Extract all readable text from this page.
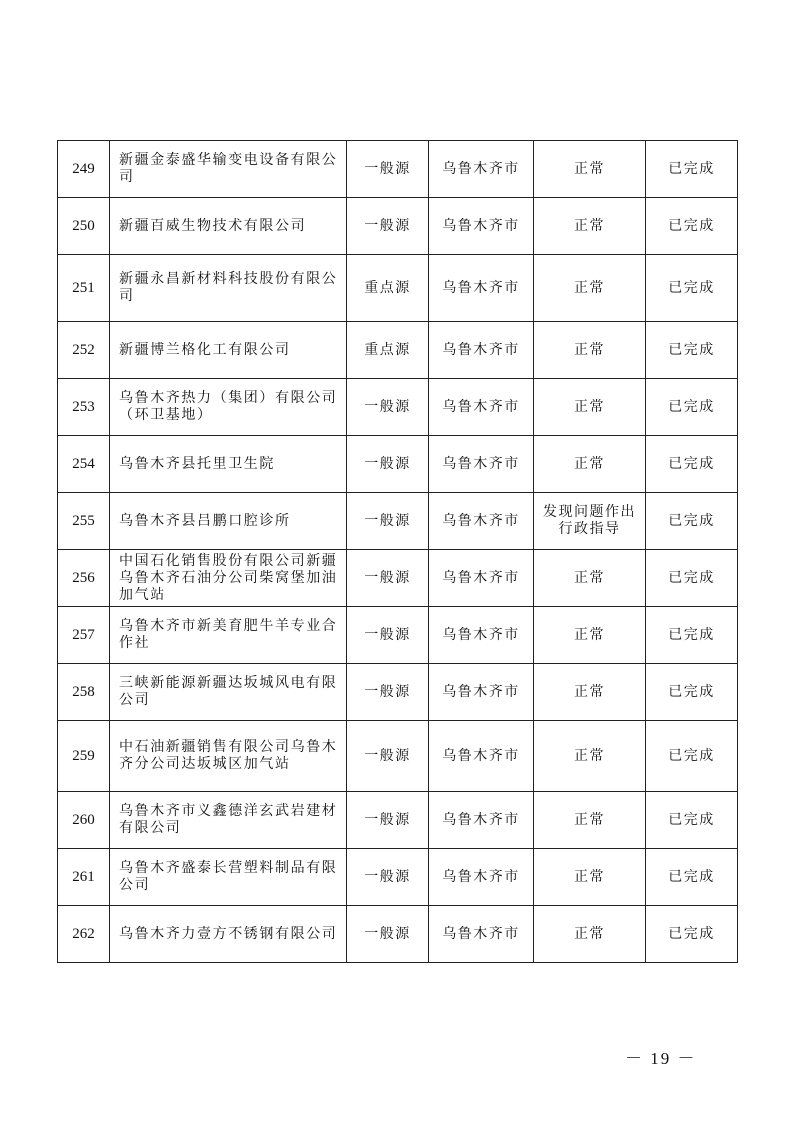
249	新疆金泰盛华输变电设备有限公司	一般源	乌鲁木齐市	正常	已完成
250	新疆百威生物技术有限公司	一般源	乌鲁木齐市	正常	已完成
251	新疆永昌新材料科技股份有限公司	重点源	乌鲁木齐市	正常	已完成
252	新疆博兰格化工有限公司	重点源	乌鲁木齐市	正常	已完成
253	乌鲁木齐热力（集团）有限公司（环卫基地）	一般源	乌鲁木齐市	正常	已完成
254	乌鲁木齐县托里卫生院	一般源	乌鲁木齐市	正常	已完成
255	乌鲁木齐县吕鹏口腔诊所	一般源	乌鲁木齐市	发现问题作出行政指导	已完成
256	中国石化销售股份有限公司新疆乌鲁木齐石油分公司柴窝堡加油加气站	一般源	乌鲁木齐市	正常	已完成
257	乌鲁木齐市新美育肥牛羊专业合作社	一般源	乌鲁木齐市	正常	已完成
258	三峡新能源新疆达坂城风电有限公司	一般源	乌鲁木齐市	正常	已完成
259	中石油新疆销售有限公司乌鲁木齐分公司达坂城区加气站	一般源	乌鲁木齐市	正常	已完成
260	乌鲁木齐市义鑫德洋玄武岩建材有限公司	一般源	乌鲁木齐市	正常	已完成
261	乌鲁木齐盛泰长营塑料制品有限公司	一般源	乌鲁木齐市	正常	已完成
262	乌鲁木齐力壹方不锈钢有限公司	一般源	乌鲁木齐市	正常	已完成
－ 19 －
